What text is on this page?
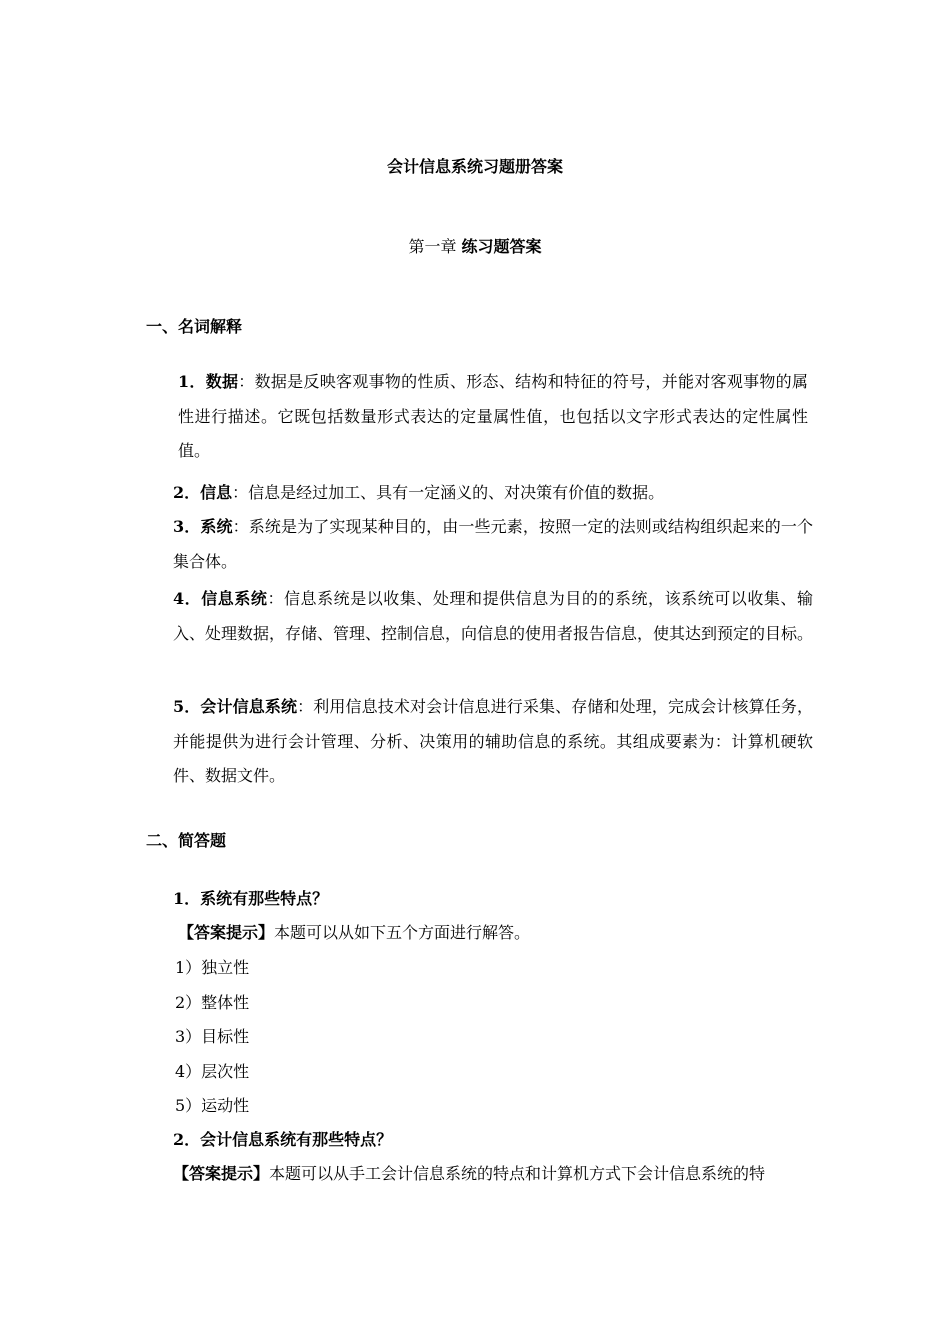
会计信息系统习题册答案
第一章 练习题答案
一、名词解释
1．数据：数据是反映客观事物的性质、形态、结构和特征的符号，并能对客观事物的属性进行描述。它既包括数量形式表达的定量属性值，也包括以文字形式表达的定性属性值。
2．信息：信息是经过加工、具有一定涵义的、对决策有价值的数据。
3．系统：系统是为了实现某种目的，由一些元素，按照一定的法则或结构组织起来的一个集合体。
4．信息系统：信息系统是以收集、处理和提供信息为目的的系统，该系统可以收集、输入、处理数据，存储、管理、控制信息，向信息的使用者报告信息，使其达到预定的目标。
5．会计信息系统：利用信息技术对会计信息进行采集、存储和处理，完成会计核算任务，并能提供为进行会计管理、分析、决策用的辅助信息的系统。其组成要素为：计算机硬软件、数据文件。
二、简答题
1．系统有那些特点？
【答案提示】本题可以从如下五个方面进行解答。
1）独立性
2）整体性
3）目标性
4）层次性
5）运动性
2．会计信息系统有那些特点？
【答案提示】本题可以从手工会计信息系统的特点和计算机方式下会计信息系统的特
